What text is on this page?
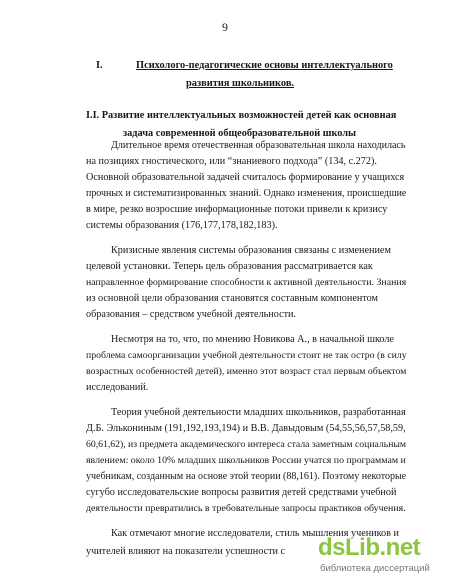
9
I.	Психолого-педагогические основы интеллектуального
развития школьников.
I.I. Развитие интеллектуальных возможностей детей как основная
задача современной общеобразовательной школы
Длительное время отечественная образовательная школа находилась
на позициях гностического, или “знаниевого подхода” (134, с.272).
Основной образовательной задачей считалось формирование у учащихся
прочных и систематизированных знаний. Однако изменения, происшедшие
в мире, резко возросшие информационные потоки привели к кризису
системы образования (176,177,178,182,183).
Кризисные явления системы образования связаны с изменением
целевой установки. Теперь цель образования рассматривается как
направленное формирование способности к активной деятельности. Знания
из основной цели образования становятся составным компонентом
образования – средством учебной деятельности.
Несмотря на то, что, по мнению Новикова А., в начальной школе
проблема самоорганизации учебной деятельности стоит не так остро (в силу
возрастных особенностей детей), именно этот возраст стал первым объектом
исследований.
Теория учебной деятельности младших школьников, разработанная
Д.Б. Элькониным (191,192,193,194) и В.В. Давыдовым (54,55,56,57,58,59,
60,61,62), из предмета академического интереса стала заметным социальным
явлением: около 10% младших школьников России учатся по программам и
учебникам, созданным на основе этой теории (88,161). Поэтому некоторые
сугубо исследовательские вопросы развития детей средствами учебной
деятельности превратились в требовательные запросы практиков обучения.
Как отмечают многие исследователи, стиль мышления учеников и
учителей влияют на показатели успешности с dsLib.net
библиотека диссертаций
